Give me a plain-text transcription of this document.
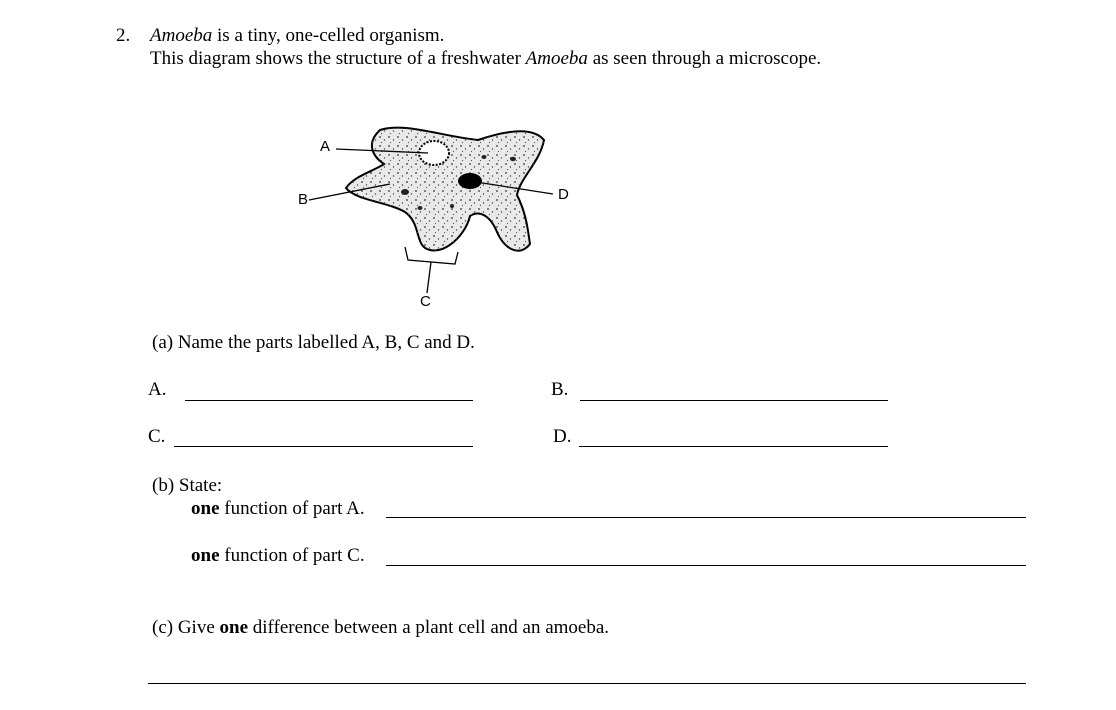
2. Amoeba is a tiny, one-celled organism.
This diagram shows the structure of a freshwater Amoeba as seen through a microscope.
A
B	D
C
(a) Name the parts labelled A, B, C and D.
A.	B.
C.	D.
(b) State:
one function of part A.
one function of part C.
(c) Give one difference between a plant cell and an amoeba.
